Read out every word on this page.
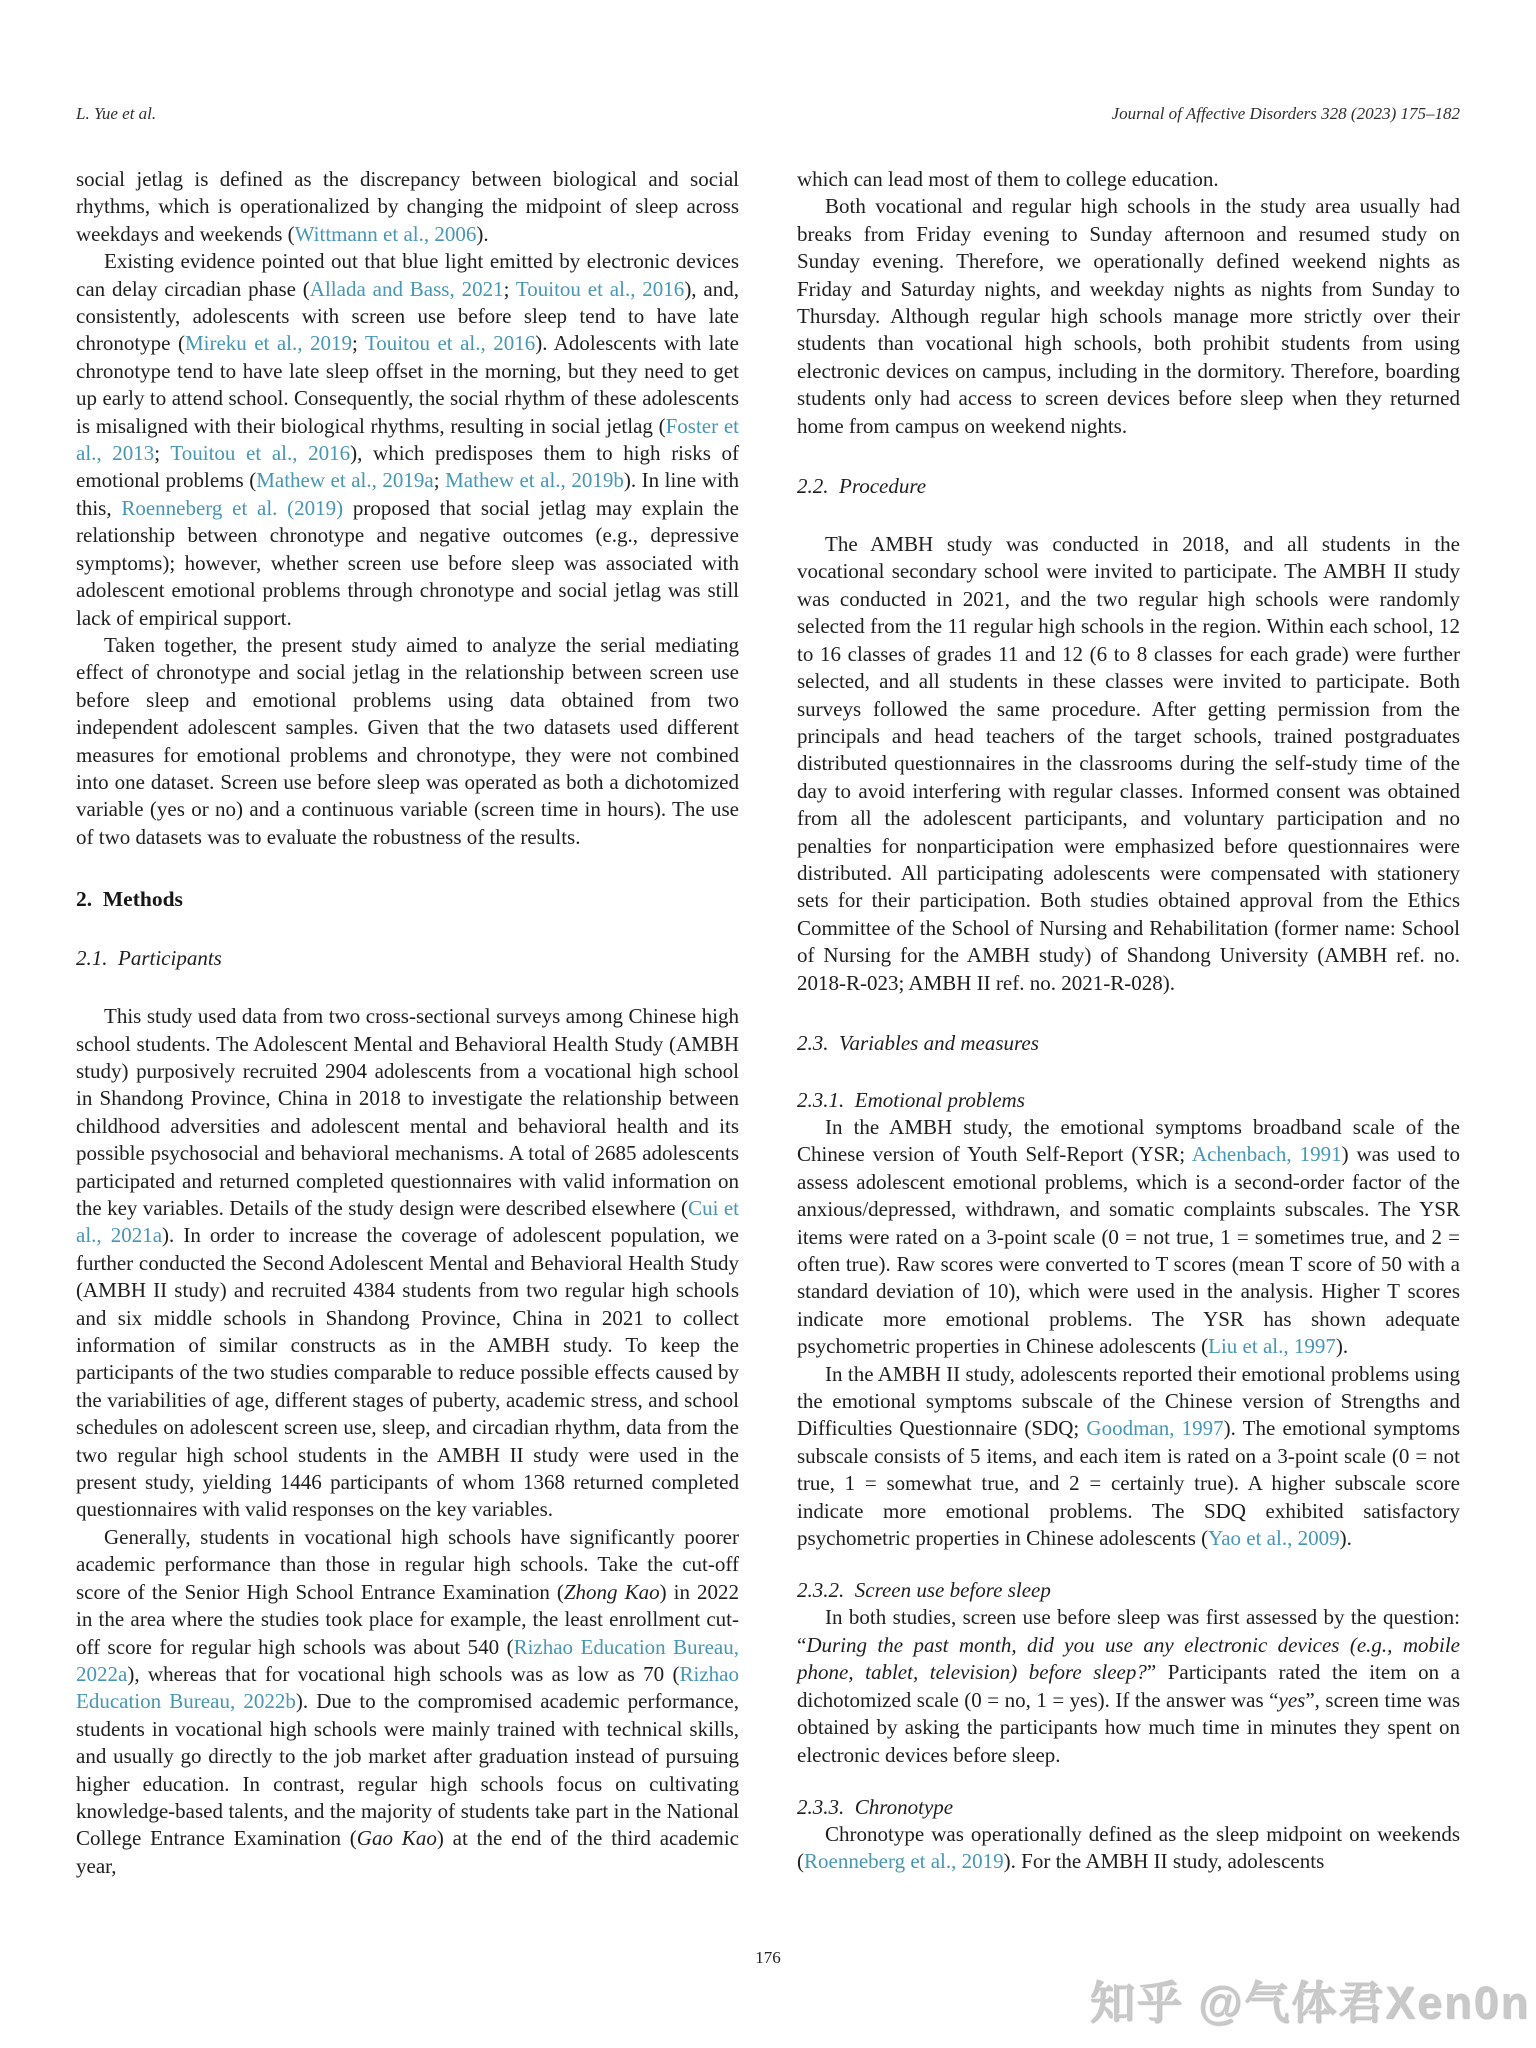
L. Yue et al.	Journal of Affective Disorders 328 (2023) 175–182

social jetlag is defined as the discrepancy between biological and social rhythms, which is operationalized by changing the midpoint of sleep across weekdays and weekends (Wittmann et al., 2006).

Existing evidence pointed out that blue light emitted by electronic devices can delay circadian phase (Allada and Bass, 2021; Touitou et al., 2016), and, consistently, adolescents with screen use before sleep tend to have late chronotype (Mireku et al., 2019; Touitou et al., 2016). Adolescents with late chronotype tend to have late sleep offset in the morning, but they need to get up early to attend school. Consequently, the social rhythm of these adolescents is misaligned with their biological rhythms, resulting in social jetlag (Foster et al., 2013; Touitou et al., 2016), which predisposes them to high risks of emotional problems (Mathew et al., 2019a; Mathew et al., 2019b). In line with this, Roenneberg et al. (2019) proposed that social jetlag may explain the relationship between chronotype and negative outcomes (e.g., depressive symptoms); however, whether screen use before sleep was associated with adolescent emotional problems through chronotype and social jetlag was still lack of empirical support.

Taken together, the present study aimed to analyze the serial mediating effect of chronotype and social jetlag in the relationship between screen use before sleep and emotional problems using data obtained from two independent adolescent samples. Given that the two datasets used different measures for emotional problems and chronotype, they were not combined into one dataset. Screen use before sleep was operated as both a dichotomized variable (yes or no) and a continuous variable (screen time in hours). The use of two datasets was to evaluate the robustness of the results.

2.  Methods
2.1.  Participants

This study used data from two cross-sectional surveys among Chinese high school students. The Adolescent Mental and Behavioral Health Study (AMBH study) purposively recruited 2904 adolescents from a vocational high school in Shandong Province, China in 2018 to investigate the relationship between childhood adversities and adolescent mental and behavioral health and its possible psychosocial and behavioral mechanisms. A total of 2685 adolescents participated and returned completed questionnaires with valid information on the key variables. Details of the study design were described elsewhere (Cui et al., 2021a). In order to increase the coverage of adolescent population, we further conducted the Second Adolescent Mental and Behavioral Health Study (AMBH II study) and recruited 4384 students from two regular high schools and six middle schools in Shandong Province, China in 2021 to collect information of similar constructs as in the AMBH study. To keep the participants of the two studies comparable to reduce possible effects caused by the variabilities of age, different stages of puberty, academic stress, and school schedules on adolescent screen use, sleep, and circadian rhythm, data from the two regular high school students in the AMBH II study were used in the present study, yielding 1446 participants of whom 1368 returned completed questionnaires with valid responses on the key variables.

Generally, students in vocational high schools have significantly poorer academic performance than those in regular high schools. Take the cut-off score of the Senior High School Entrance Examination (Zhong Kao) in 2022 in the area where the studies took place for example, the least enrollment cut-off score for regular high schools was about 540 (Rizhao Education Bureau, 2022a), whereas that for vocational high schools was as low as 70 (Rizhao Education Bureau, 2022b). Due to the compromised academic performance, students in vocational high schools were mainly trained with technical skills, and usually go directly to the job market after graduation instead of pursuing higher education. In contrast, regular high schools focus on cultivating knowledge-based talents, and the majority of students take part in the National College Entrance Examination (Gao Kao) at the end of the third academic year,

which can lead most of them to college education.

Both vocational and regular high schools in the study area usually had breaks from Friday evening to Sunday afternoon and resumed study on Sunday evening. Therefore, we operationally defined weekend nights as Friday and Saturday nights, and weekday nights as nights from Sunday to Thursday. Although regular high schools manage more strictly over their students than vocational high schools, both prohibit students from using electronic devices on campus, including in the dormitory. Therefore, boarding students only had access to screen devices before sleep when they returned home from campus on weekend nights.

2.2.  Procedure

The AMBH study was conducted in 2018, and all students in the vocational secondary school were invited to participate. The AMBH II study was conducted in 2021, and the two regular high schools were randomly selected from the 11 regular high schools in the region. Within each school, 12 to 16 classes of grades 11 and 12 (6 to 8 classes for each grade) were further selected, and all students in these classes were invited to participate. Both surveys followed the same procedure. After getting permission from the principals and head teachers of the target schools, trained postgraduates distributed questionnaires in the classrooms during the self-study time of the day to avoid interfering with regular classes. Informed consent was obtained from all the adolescent participants, and voluntary participation and no penalties for nonparticipation were emphasized before questionnaires were distributed. All participating adolescents were compensated with stationery sets for their participation. Both studies obtained approval from the Ethics Committee of the School of Nursing and Rehabilitation (former name: School of Nursing for the AMBH study) of Shandong University (AMBH ref. no. 2018-R-023; AMBH II ref. no. 2021-R-028).

2.3.  Variables and measures
2.3.1.  Emotional problems

In the AMBH study, the emotional symptoms broadband scale of the Chinese version of Youth Self-Report (YSR; Achenbach, 1991) was used to assess adolescent emotional problems, which is a second-order factor of the anxious/depressed, withdrawn, and somatic complaints subscales. The YSR items were rated on a 3-point scale (0 = not true, 1 = sometimes true, and 2 = often true). Raw scores were converted to T scores (mean T score of 50 with a standard deviation of 10), which were used in the analysis. Higher T scores indicate more emotional problems. The YSR has shown adequate psychometric properties in Chinese adolescents (Liu et al., 1997).

In the AMBH II study, adolescents reported their emotional problems using the emotional symptoms subscale of the Chinese version of Strengths and Difficulties Questionnaire (SDQ; Goodman, 1997). The emotional symptoms subscale consists of 5 items, and each item is rated on a 3-point scale (0 = not true, 1 = somewhat true, and 2 = certainly true). A higher subscale score indicate more emotional problems. The SDQ exhibited satisfactory psychometric properties in Chinese adolescents (Yao et al., 2009).

2.3.2.  Screen use before sleep

In both studies, screen use before sleep was first assessed by the question: “During the past month, did you use any electronic devices (e.g., mobile phone, tablet, television) before sleep?” Participants rated the item on a dichotomized scale (0 = no, 1 = yes). If the answer was “yes”, screen time was obtained by asking the participants how much time in minutes they spent on electronic devices before sleep.

2.3.3.  Chronotype

Chronotype was operationally defined as the sleep midpoint on weekends (Roenneberg et al., 2019). For the AMBH II study, adolescents

176
知乎 @气体君Xen0n
